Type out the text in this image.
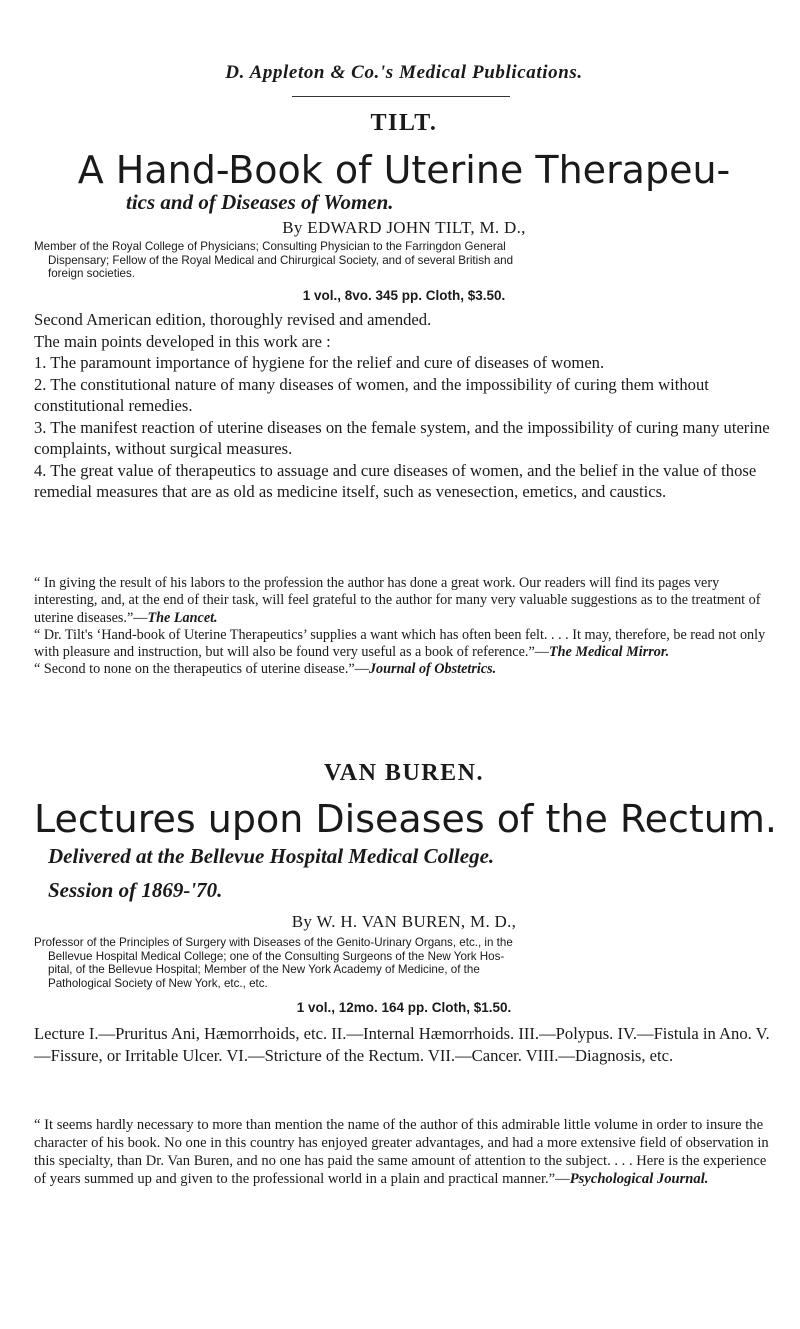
D. Appleton & Co.'s Medical Publications.
TILT.
A Hand-Book of Uterine Therapeu-
tics and of Diseases of Women.
By EDWARD JOHN TILT, M. D.,
Member of the Royal College of Physicians; Consulting Physician to the Farringdon General
Dispensary; Fellow of the Royal Medical and Chirurgical Society, and of several British and
foreign societies.
1 vol., 8vo. 345 pp. Cloth, $3.50.

Second American edition, thoroughly revised and amended.

The main points developed in this work are :

1. The paramount importance of hygiene for the relief and cure of diseases of women.

2. The constitutional nature of many diseases of women, and the impossibility of curing them without constitutional remedies.

3. The manifest reaction of uterine diseases on the female system, and the impossibility of curing many uterine complaints, without surgical measures.

4. The great value of therapeutics to assuage and cure diseases of women, and the belief in the value of those remedial measures that are as old as medicine itself, such as venesection, emetics, and caustics.

“ In giving the result of his labors to the profession the author has done a great work. Our readers will find its pages very interesting, and, at the end of their task, will feel grateful to the author for many very valuable suggestions as to the treatment of uterine diseases.”—The Lancet.

“ Dr. Tilt's ‘Hand-book of Uterine Therapeutics’ supplies a want which has often been felt. . . . It may, therefore, be read not only with pleasure and instruction, but will also be found very useful as a book of reference.”—The Medical Mirror.

“ Second to none on the therapeutics of uterine disease.”—Journal of Obstetrics.

VAN BUREN.
Lectures upon Diseases of the Rectum.
Delivered at the Bellevue Hospital Medical College.
Session of 1869-'70.
By W. H. VAN BUREN, M. D.,
Professor of the Principles of Surgery with Diseases of the Genito-Urinary Organs, etc., in the
Bellevue Hospital Medical College; one of the Consulting Surgeons of the New York Hos-
pital, of the Bellevue Hospital; Member of the New York Academy of Medicine, of the
Pathological Society of New York, etc., etc.
1 vol., 12mo. 164 pp. Cloth, $1.50.
Lecture I.—Pruritus Ani, Hæmorrhoids, etc. II.—Internal Hæmorrhoids. III.—Polypus. IV.—Fistula in Ano. V.—Fissure, or Irritable Ulcer. VI.—Stricture of the Rectum. VII.—Cancer. VIII.—Diagnosis, etc.

“ It seems hardly necessary to more than mention the name of the author of this admirable little volume in order to insure the character of his book. No one in this country has enjoyed greater advantages, and had a more extensive field of observation in this specialty, than Dr. Van Buren, and no one has paid the same amount of attention to the subject. . . . Here is the experience of years summed up and given to the professional world in a plain and practical manner.”—Psychological Journal.
